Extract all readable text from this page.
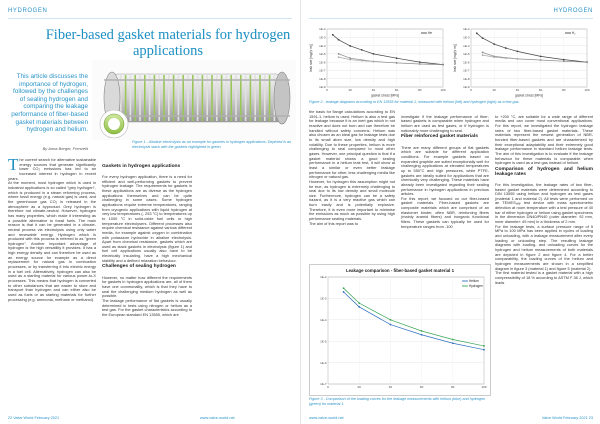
HYDROGEN
Fiber-based gasket materials for hydrogen applications
Figure 1 - Alkaline electrolysis as an example for gaskets in hydrogen applications. Depicted is an electrolysis stack with the gaskets highlighted in green.
This article discusses the importance of hydrogen, followed by the challenges of sealing hydrogen and comparing the leakage performance of fiber-based gasket materials between hydrogen and helium.
By Anna Berger, Frenzelit
The current search for alternative sustainable energy sources that generate significantly lower CO₂ emissions has led to an increased interest in hydrogen in recent years.
At the moment, most hydrogen which is used in industrial applications is so called "grey hydrogen", which is produced in a steam reforming process, where fossil energy (e.g. natural gas) is used, and the greenhouse gas CO₂ is released in the atmosphere as a byproduct. Grey hydrogen is therefore not climate-neutral. However, hydrogen has many properties, which make it interesting as a possible alternative to fossil fuels. The main reason is that it can be generated in a climate-neutral process via electrolysis using only water and renewable energy. Hydrogen which is produced with this process is referred to as "green hydrogen". Another important advantage of hydrogen is the high versatility it provides. It has a high energy density and can therefore be used as an energy source for example as a direct replacement for natural gas in combustion processes, or by transferring it into electric energy in a fuel cell. Alternatively, hydrogen can also be used as a starting material for various power-to-X processes. This means that hydrogen is converted to other substances that are easier to store and transport than hydrogen and can either also be used as fuels or as starting materials for further processing (e.g. ammonia, methane or methanol).

Gaskets in hydrogen applications

For every hydrogen application, there is a need for efficient and well-performing gaskets to prevent hydrogen leakage. The requirements for gaskets in these applications are as diverse as the hydrogen applications themselves and can be quite challenging in some cases. Some hydrogen applications require extreme temperatures, ranging from cryogenic applications with liquid hydrogen at very low temperatures (- 253 °C) to temperatures up to 1000 °C in solid-oxide fuel cells or high temperature electrolysers. Different processes also require chemical resistance against various different media, for example against oxygen in combination with potassium hydroxide in alkaline electrolysis. Apart from chemical resistance, gaskets which are used as stack gaskets in electrolysis (figure 1) and fuel cell applications usually also have to be electrically insulating, have a high mechanical stability and a defined relaxation behaviour.

Challenges of sealing hydrogen

However, no matter how different the requirements for gaskets in hydrogen applications are, all of them have one commonality, which is that they have to seal the challenging medium hydrogen as well as possible.
The leakage performance of flat gaskets is usually determined in tests using nitrogen or helium as a test gas. For the gasket characteristics according to the European standard EN 13555, which are

22 Valve World February 2021	www.valve-world.net
HYDROGEN
1E-9
1E-8
1E-7
1E-6
1E-5
1E-4
1E-3
1E-2
0	20	40	60	80	100
gasket stress [MPa]
leak rate [mg/(s·m)]
He
1E-9
1E-8
1E-7
1E-6
1E-5
1E-4
1E-3
1E-2
0	20	40	60	80	100
gasket stress [MPa]
leak rate [mg/(s·m)]
H₂
Figure 2 - leakage diagrams according to EN 13555 for material 1, measured with helium (left) and hydrogen (right) as a test gas.
the basis for flange calculations according to EN 1591-1, helium is used. Helium is also a test gas for leakage because it is an inert gas which in not reactive and does not burn and can therefore be handled without safety concerns. Helium was also chosen as an ideal gas for leakage tests due to its small atom size, low density and high volatility. Due to these properties, helium is more challenging to seal compared to most other gases. However, one principal question is that if a gasket material shows a good sealing performance in a helium leak test, it will show at least a similar or even better leakage performance for other, less challenging media like nitrogen or natural gas.
However, for hydrogen this assumption might not be true, as hydrogen is extremely challenging to seal due to its low density and small molecule size. Furthermore, hydrogen can be a safety hazard, as it is a very reactive gas which can burn easily and is potentially explosive. Therefore, it is even more important to minimise the emissions as much as possible by using high performance sealing materials.
The aim of this report was to

investigate if the leakage performance of fiber-based gaskets is comparable when hydrogen and helium are used as test gases, or if hydrogen is noticeably more challenging to seal.

Fiber reinforced gasket materials

There are many different groups of flat gaskets which are suitable for different application conditions. For example gaskets based on expanded graphite are suited exceptionally well for challenging applications at elevated temperatures up to 550°C and high pressures, while PTFE-gaskets are ideally suited for applications that are chemically very challenging. These materials have already been investigated regarding their sealing performance in hydrogen applications in previous articles.
For this report, we focused on our fiber-based gasket materials. Fiber-based gaskets are composite materials which are comprised of an elastomer binder, often NBR, reinforcing fibers (mainly aramid fibers) and inorganic functional fillers. These gaskets can typically be used for temperature ranges from -100

to +200 °C, are suitable for a wide range of different media and can cover most conventional applications. For this report, we investigated the hydrogen leakage rates of two fiber-based gasket materials. These materials represent the newest generation of NBR-bonded fiber-based gaskets and are characterized by their exceptional adaptability and their extremely good leakage performance in standard helium leakage tests. The aim of this investigation is to evaluate if the leakage behaviour for these materials is comparable when hydrogen is used as a test gas instead of helium.

Comparison of hydrogen and helium leakage rates

For this investigation, the leakage rates of two fiber-based gasket materials were determined according to DIN 13555 using helium and hydrogen as test gases (material 1 and material 2). All tests were performed on an TEMESₛₑₐₗ test device with mass spectrometric detection at room temperature with a test pressure of 40 bar of either hydrogen or helium using gasket specimens in the dimension DN40/PN40 (outer diameter: 92 mm, inner diameter: 49 mm) in a thickness of 2 mm.
For the leakage tests, a surface pressure range of 5 MPa to 100 MPa has been applied in cycles of loading and unloading, with a leakage measurement after every loading or unloading step. The resulting leakage diagrams with loading- and unloading curves for the hydrogen and helium measurements of both materials are depicted in figure 2 and figure 4. For a better comparability, the loading curves of the helium and hydrogen measurements are shown in a simplified diagram in figure 3 (material 1) and figure 5 (material 2).
The first material tested is a gasket material with a high compressibility of 18 % according to ASTM F 36 J, which leads

1E-7
1E-6
1E-5
1E-4
1E-3
1E-2
0	20	40	60	80	100
Leakage comparison - fiber-based gasket material 1
Helium
Hydrogen
Figure 3 - Comparison of the loading curves for the leakage measurements with helium (blue) and hydrogen (green) for material 1.
www.valve-world.net	Valve World February 2021 23
